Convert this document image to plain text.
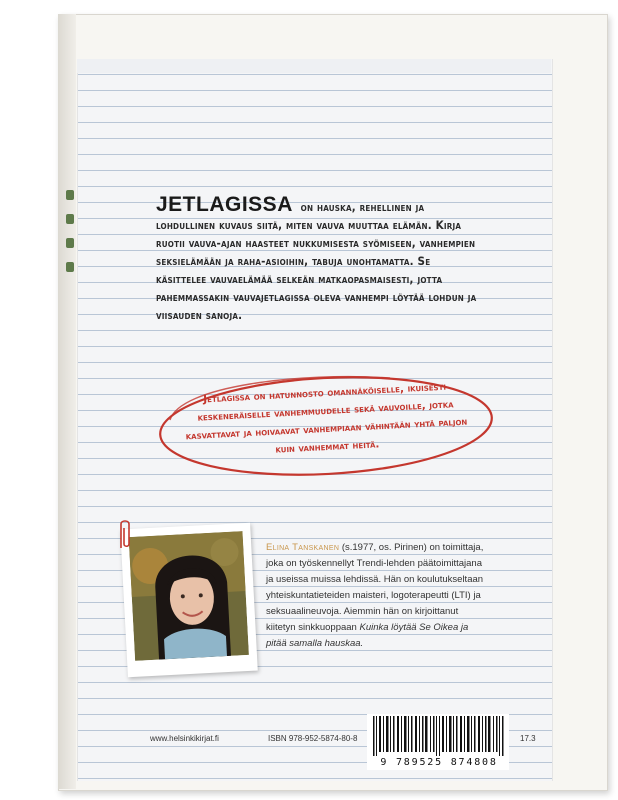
JETLAGISSA on hauska, rehellinen ja lohdullinen kuvaus siitä, miten vauva muuttaa elämän. Kirja ruotii vauva-ajan haasteet nukkumisesta syömiseen, vanhempien seksielämään ja raha-asioihin, tabuja unohtamatta. Se käsittelee vauvaelämää selkeän matkaopasmaisesti, jotta pahemmassakin vauvajetlagissa oleva vanhempi löytää lohdun ja viisauden sanoja.
Jetlagissa on hatunnosto omannäköiselle, ikuisesti keskeneräiselle vanhemmuudelle sekä vauvoille, jotka kasvattavat ja hoivaavat vanhempiaan vähintään yhtä paljon kuin vanhemmat heitä.
Elina Tanskanen (s.1977, os. Pirinen) on toimittaja, joka on työskennellyt Trendi-lehden päätoimittajana ja useissa muissa lehdissä. Hän on koulutukseltaan yhteiskuntatieteiden maisteri, logoterapeutti (LTI) ja seksuaalineuvoja. Aiemmin hän on kirjoittanut kiitetyn sinkkuoppaan Kuinka löytää Se Oikea ja pitää samalla hauskaa.
www.helsinkikirjat.fi	ISBN 978-952-5874-80-8	17.3
9 789525 874808
